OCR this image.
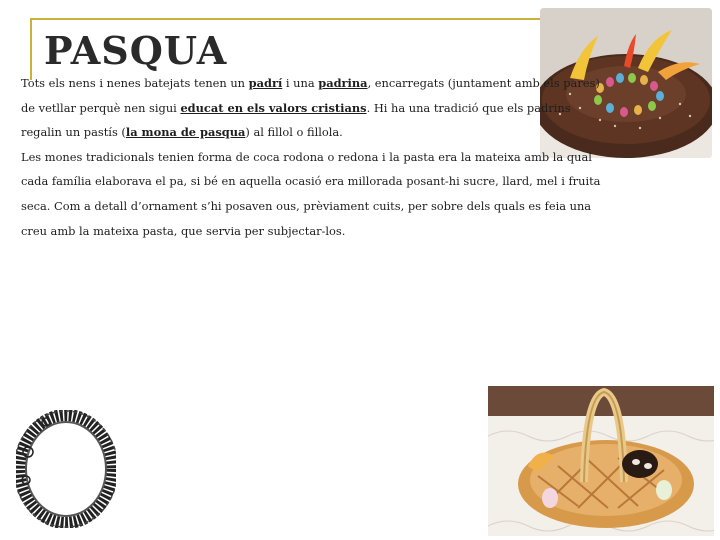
PASQUA

Tots els nens i nenes batejats tenen un padrí i una padrina, encarregats (juntament amb els pares) de vetllar perquè nen sigui educat en els valors cristians. Hi ha una tradició que els padrins regalin un pastís (la mona de pasqua) al fillol o fillola.

Les mones tradicionals tenien forma de coca rodona o redona i la pasta era la mateixa amb la qual cada família elaborava el pa, si bé en aquella ocasió era millorada posant-hi sucre, llard, mel i fruita seca. Com a detall d’ornament s’hi posaven ous, prèviament cuits, per sobre dels quals es feia una creu amb la mateixa pasta, que servia per subjectar-los.
